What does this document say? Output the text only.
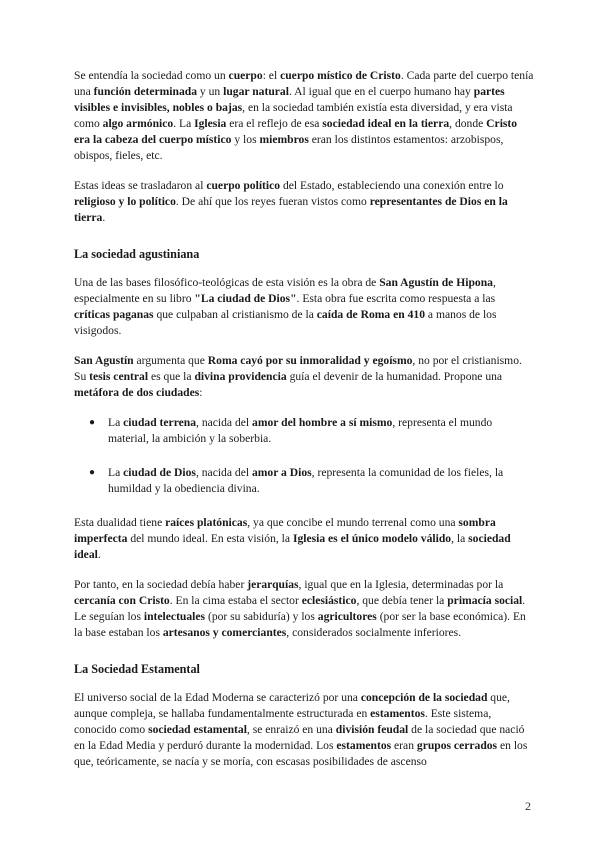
Se entendía la sociedad como un cuerpo: el cuerpo místico de Cristo. Cada parte del cuerpo tenía una función determinada y un lugar natural. Al igual que en el cuerpo humano hay partes visibles e invisibles, nobles o bajas, en la sociedad también existía esta diversidad, y era vista como algo armónico. La Iglesia era el reflejo de esa sociedad ideal en la tierra, donde Cristo era la cabeza del cuerpo místico y los miembros eran los distintos estamentos: arzobispos, obispos, fieles, etc.

Estas ideas se trasladaron al cuerpo político del Estado, estableciendo una conexión entre lo religioso y lo político. De ahí que los reyes fueran vistos como representantes de Dios en la tierra.

La sociedad agustiniana

Una de las bases filosófico-teológicas de esta visión es la obra de San Agustín de Hipona, especialmente en su libro "La ciudad de Dios". Esta obra fue escrita como respuesta a las críticas paganas que culpaban al cristianismo de la caída de Roma en 410 a manos de los visigodos.

San Agustín argumenta que Roma cayó por su inmoralidad y egoísmo, no por el cristianismo. Su tesis central es que la divina providencia guía el devenir de la humanidad. Propone una metáfora de dos ciudades:

● La ciudad terrena, nacida del amor del hombre a sí mismo, representa el mundo material, la ambición y la soberbia.
● La ciudad de Dios, nacida del amor a Dios, representa la comunidad de los fieles, la humildad y la obediencia divina.

Esta dualidad tiene raíces platónicas, ya que concibe el mundo terrenal como una sombra imperfecta del mundo ideal. En esta visión, la Iglesia es el único modelo válido, la sociedad ideal.

Por tanto, en la sociedad debía haber jerarquías, igual que en la Iglesia, determinadas por la cercanía con Cristo. En la cima estaba el sector eclesiástico, que debía tener la primacía social. Le seguían los intelectuales (por su sabiduría) y los agricultores (por ser la base económica). En la base estaban los artesanos y comerciantes, considerados socialmente inferiores.

La Sociedad Estamental

El universo social de la Edad Moderna se caracterizó por una concepción de la sociedad que, aunque compleja, se hallaba fundamentalmente estructurada en estamentos. Este sistema, conocido como sociedad estamental, se enraizó en una división feudal de la sociedad que nació en la Edad Media y perduró durante la modernidad. Los estamentos eran grupos cerrados en los que, teóricamente, se nacía y se moría, con escasas posibilidades de ascenso

2
